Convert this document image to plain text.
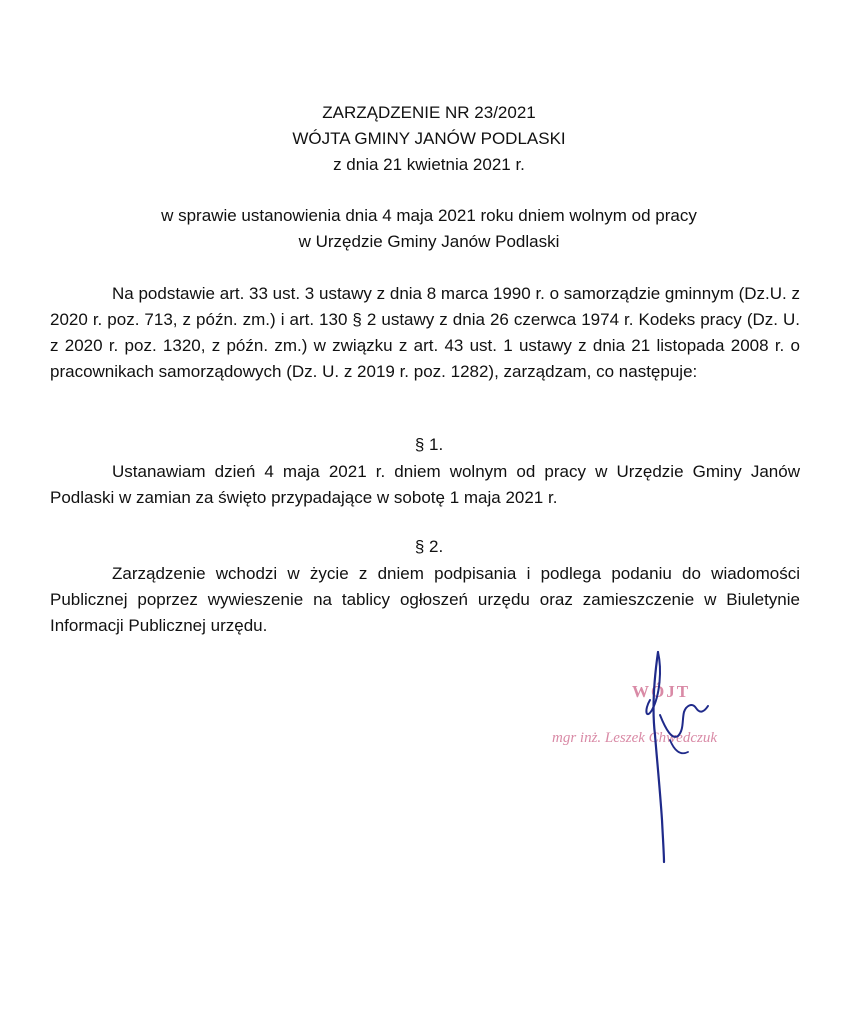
ZARZĄDZENIE NR 23/2021
WÓJTA GMINY JANÓW PODLASKI
z dnia 21 kwietnia 2021 r.
w sprawie ustanowienia dnia 4 maja 2021 roku dniem wolnym od pracy
w Urzędzie Gminy Janów Podlaski

Na podstawie art. 33 ust. 3 ustawy z dnia 8 marca 1990 r. o samorządzie gminnym (Dz.U. z 2020 r. poz. 713, z późn. zm.) i art. 130 § 2 ustawy z dnia 26 czerwca 1974 r. Kodeks pracy (Dz. U. z 2020 r. poz. 1320, z późn. zm.) w związku z art. 43 ust. 1 ustawy z dnia 21 listopada 2008 r. o pracownikach samorządowych (Dz. U. z 2019 r. poz. 1282), zarządzam, co następuje:

§ 1.

Ustanawiam dzień 4 maja 2021 r. dniem wolnym od pracy w Urzędzie Gminy Janów Podlaski w zamian za święto przypadające w sobotę 1 maja 2021 r.

§ 2.

Zarządzenie wchodzi w życie z dniem podpisania i podlega podaniu do wiadomości Publicznej poprzez wywieszenie na tablicy ogłoszeń urzędu oraz zamieszczenie w Biuletynie Informacji Publicznej urzędu.

WÓJT
mgr inż. Leszek Chwedczuk
